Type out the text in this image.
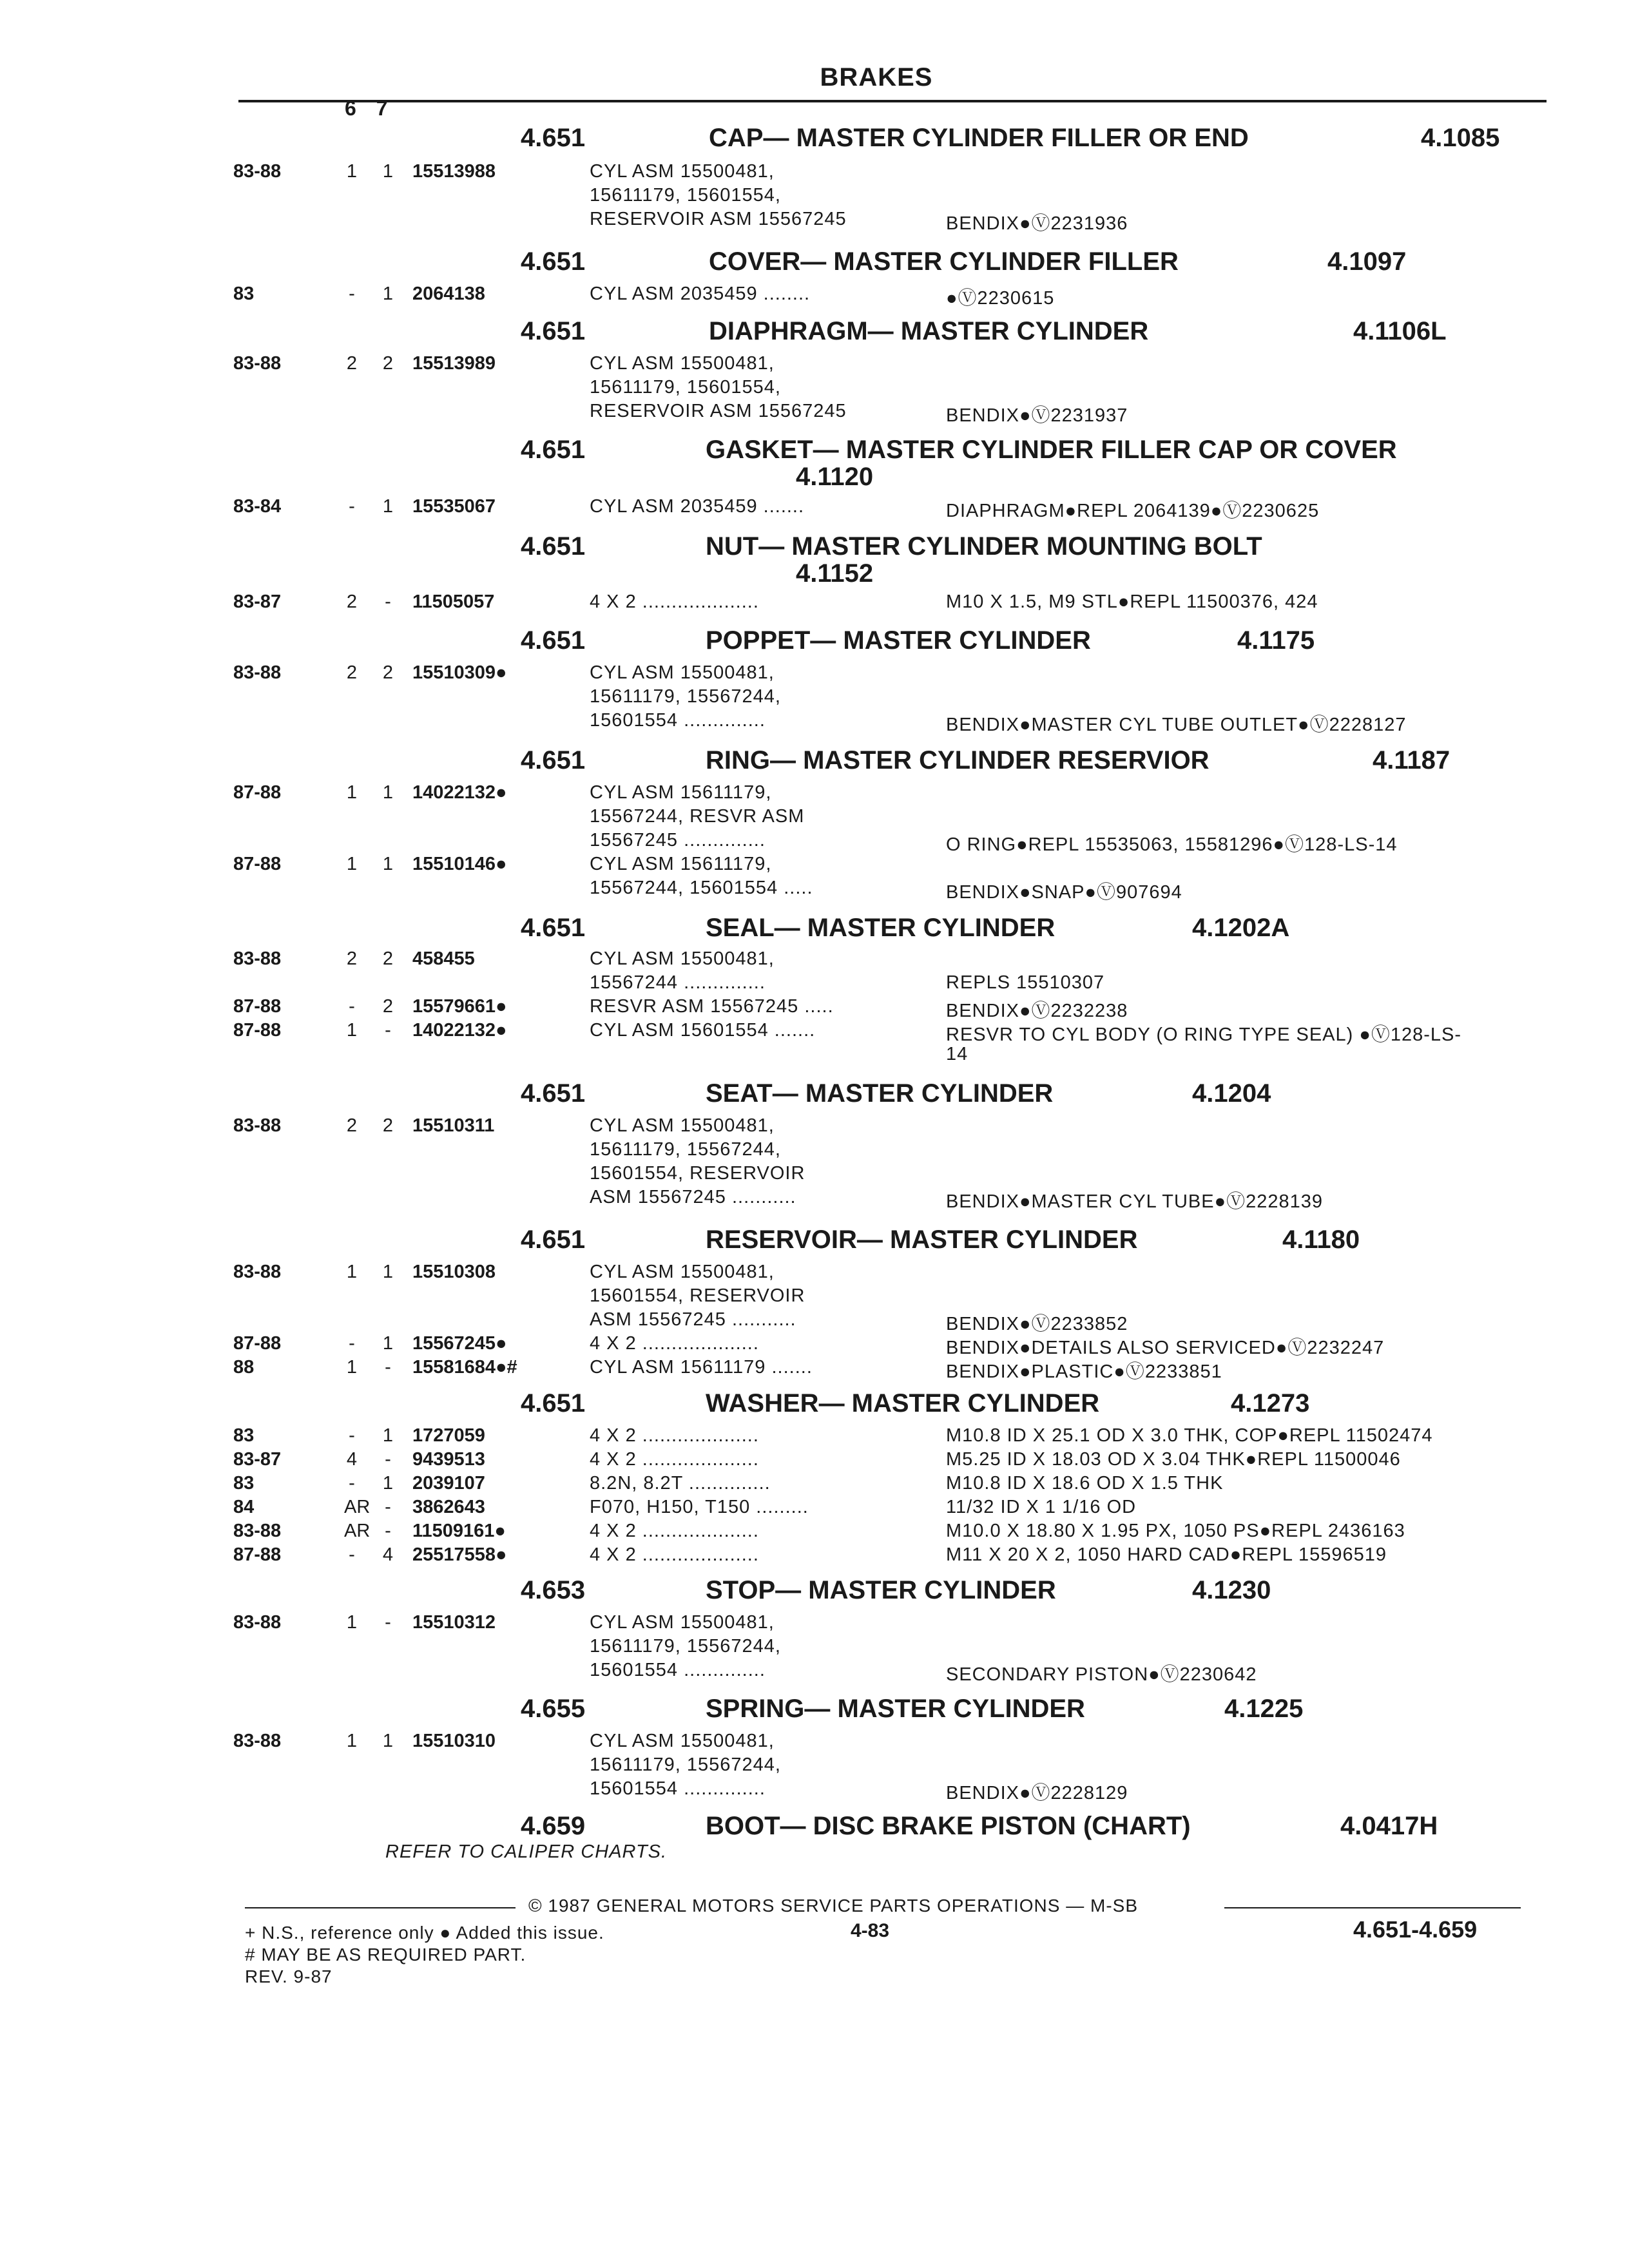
BRAKES
6 7
4.651	CAP— MASTER CYLINDER FILLER OR END	4.1085
83-88	1 1 15513988	CYL ASM 15500481,
15611179, 15601554,
RESERVOIR ASM 15567245	BENDIX●Ⓥ2231936
4.651	COVER— MASTER CYLINDER FILLER	4.1097
83	- 1 2064138	CYL ASM 2035459 ........	●Ⓥ2230615
4.651	DIAPHRAGM— MASTER CYLINDER	4.1106L
83-88	2 2 15513989	CYL ASM 15500481,
15611179, 15601554,
RESERVOIR ASM 15567245	BENDIX●Ⓥ2231937
4.651	GASKET— MASTER CYLINDER FILLER CAP OR COVER
4.1120
83-84	- 1 15535067	CYL ASM 2035459 .......	DIAPHRAGM●REPL 2064139●Ⓥ2230625
4.651	NUT— MASTER CYLINDER MOUNTING BOLT
4.1152
83-87	2 - 11505057	4 X 2 ....................	M10 X 1.5, M9 STL●REPL 11500376, 424
4.651	POPPET— MASTER CYLINDER	4.1175
83-88	2 2 15510309●	CYL ASM 15500481,
15611179, 15567244,
15601554 ..............	BENDIX●MASTER CYL TUBE OUTLET●Ⓥ2228127
4.651	RING— MASTER CYLINDER RESERVIOR	4.1187
87-88	1 1 14022132●	CYL ASM 15611179,
15567244, RESVR ASM
15567245 ..............	O RING●REPL 15535063, 15581296●Ⓥ128-LS-14
87-88	1 1 15510146●	CYL ASM 15611179,
15567244, 15601554 .....	BENDIX●SNAP●Ⓥ907694
4.651	SEAL— MASTER CYLINDER	4.1202A
83-88	2 2 458455	CYL ASM 15500481,
15567244 ..............	REPLS 15510307
87-88	- 2 15579661●	RESVR ASM 15567245 .....	BENDIX●Ⓥ2232238
87-88	1 - 14022132●	CYL ASM 15601554 .......	RESVR TO CYL BODY (O RING TYPE SEAL) ●Ⓥ128-LS-
14
4.651	SEAT— MASTER CYLINDER	4.1204
83-88	2 2 15510311	CYL ASM 15500481,
15611179, 15567244,
15601554, RESERVOIR
ASM 15567245 ...........	BENDIX●MASTER CYL TUBE●Ⓥ2228139
4.651	RESERVOIR— MASTER CYLINDER	4.1180
83-88	1 1 15510308	CYL ASM 15500481,
15601554, RESERVOIR
ASM 15567245 ...........	BENDIX●Ⓥ2233852
87-88	- 1 15567245●	4 X 2 ....................	BENDIX●DETAILS ALSO SERVICED●Ⓥ2232247
88	1 - 15581684●#	CYL ASM 15611179 .......	BENDIX●PLASTIC●Ⓥ2233851
4.651	WASHER— MASTER CYLINDER	4.1273
83	- 1 1727059	4 X 2 ....................	M10.8 ID X 25.1 OD X 3.0 THK, COP●REPL 11502474
83-87	4 - 9439513	4 X 2 ....................	M5.25 ID X 18.03 OD X 3.04 THK●REPL 11500046
83	- 1 2039107	8.2N, 8.2T ..............	M10.8 ID X 18.6 OD X 1.5 THK
84	AR - 3862643	F070, H150, T150 .........	11/32 ID X 1 1/16 OD
83-88	AR - 11509161●	4 X 2 ....................	M10.0 X 18.80 X 1.95 PX, 1050 PS●REPL 2436163
87-88	- 4 25517558●	4 X 2 ....................	M11 X 20 X 2, 1050 HARD CAD●REPL 15596519
4.653	STOP— MASTER CYLINDER	4.1230
83-88	1 - 15510312	CYL ASM 15500481,
15611179, 15567244,
15601554 ..............	SECONDARY PISTON●Ⓥ2230642
4.655	SPRING— MASTER CYLINDER	4.1225
83-88	1 1 15510310	CYL ASM 15500481,
15611179, 15567244,
15601554 ..............	BENDIX●Ⓥ2228129
4.659	BOOT— DISC BRAKE PISTON (CHART)	4.0417H
REFER TO CALIPER CHARTS.
© 1987 GENERAL MOTORS SERVICE PARTS OPERATIONS — M-SB
+ N.S., reference only ● Added this issue.
# MAY BE AS REQUIRED PART.
REV. 9-87
4-83	4.651-4.659
